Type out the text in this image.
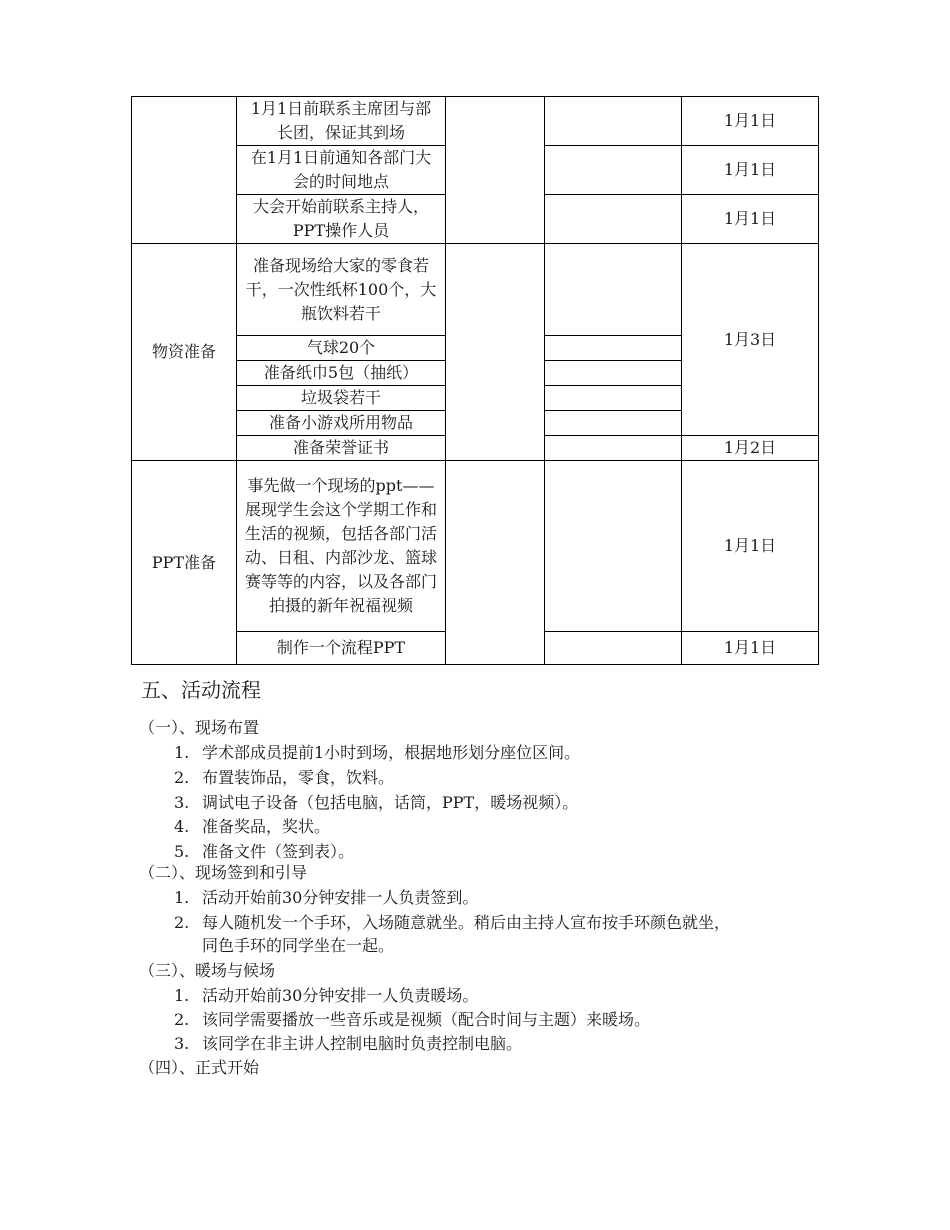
	1月1日前联系主席团与部长团，保证其到场			1月1日
	在1月1日前通知各部门大会的时间地点			1月1日
	大会开始前联系主持人，PPT操作人员			1月1日
物资准备	准备现场给大家的零食若干，一次性纸杯100个，大瓶饮料若干			1月3日
	气球20个			
	准备纸巾5包（抽纸）			
	垃圾袋若干			
	准备小游戏所用物品			
	准备荣誉证书			1月2日
PPT准备	事先做一个现场的ppt——展现学生会这个学期工作和生活的视频，包括各部门活动、日租、内部沙龙、篮球赛等等的内容，以及各部门拍摄的新年祝福视频			1月1日
	制作一个流程PPT			1月1日
五、活动流程
（一）、现场布置
1. 学术部成员提前1小时到场，根据地形划分座位区间。
2. 布置装饰品，零食，饮料。
3. 调试电子设备（包括电脑，话筒，PPT，暖场视频）。
4. 准备奖品，奖状。
5. 准备文件（签到表）。
（二）、现场签到和引导
1. 活动开始前30分钟安排一人负责签到。
2. 每人随机发一个手环，入场随意就坐。稍后由主持人宣布按手环颜色就坐，
同色手环的同学坐在一起。
（三）、暖场与候场
1. 活动开始前30分钟安排一人负责暖场。
2. 该同学需要播放一些音乐或是视频（配合时间与主题）来暖场。
3. 该同学在非主讲人控制电脑时负责控制电脑。
（四）、正式开始
